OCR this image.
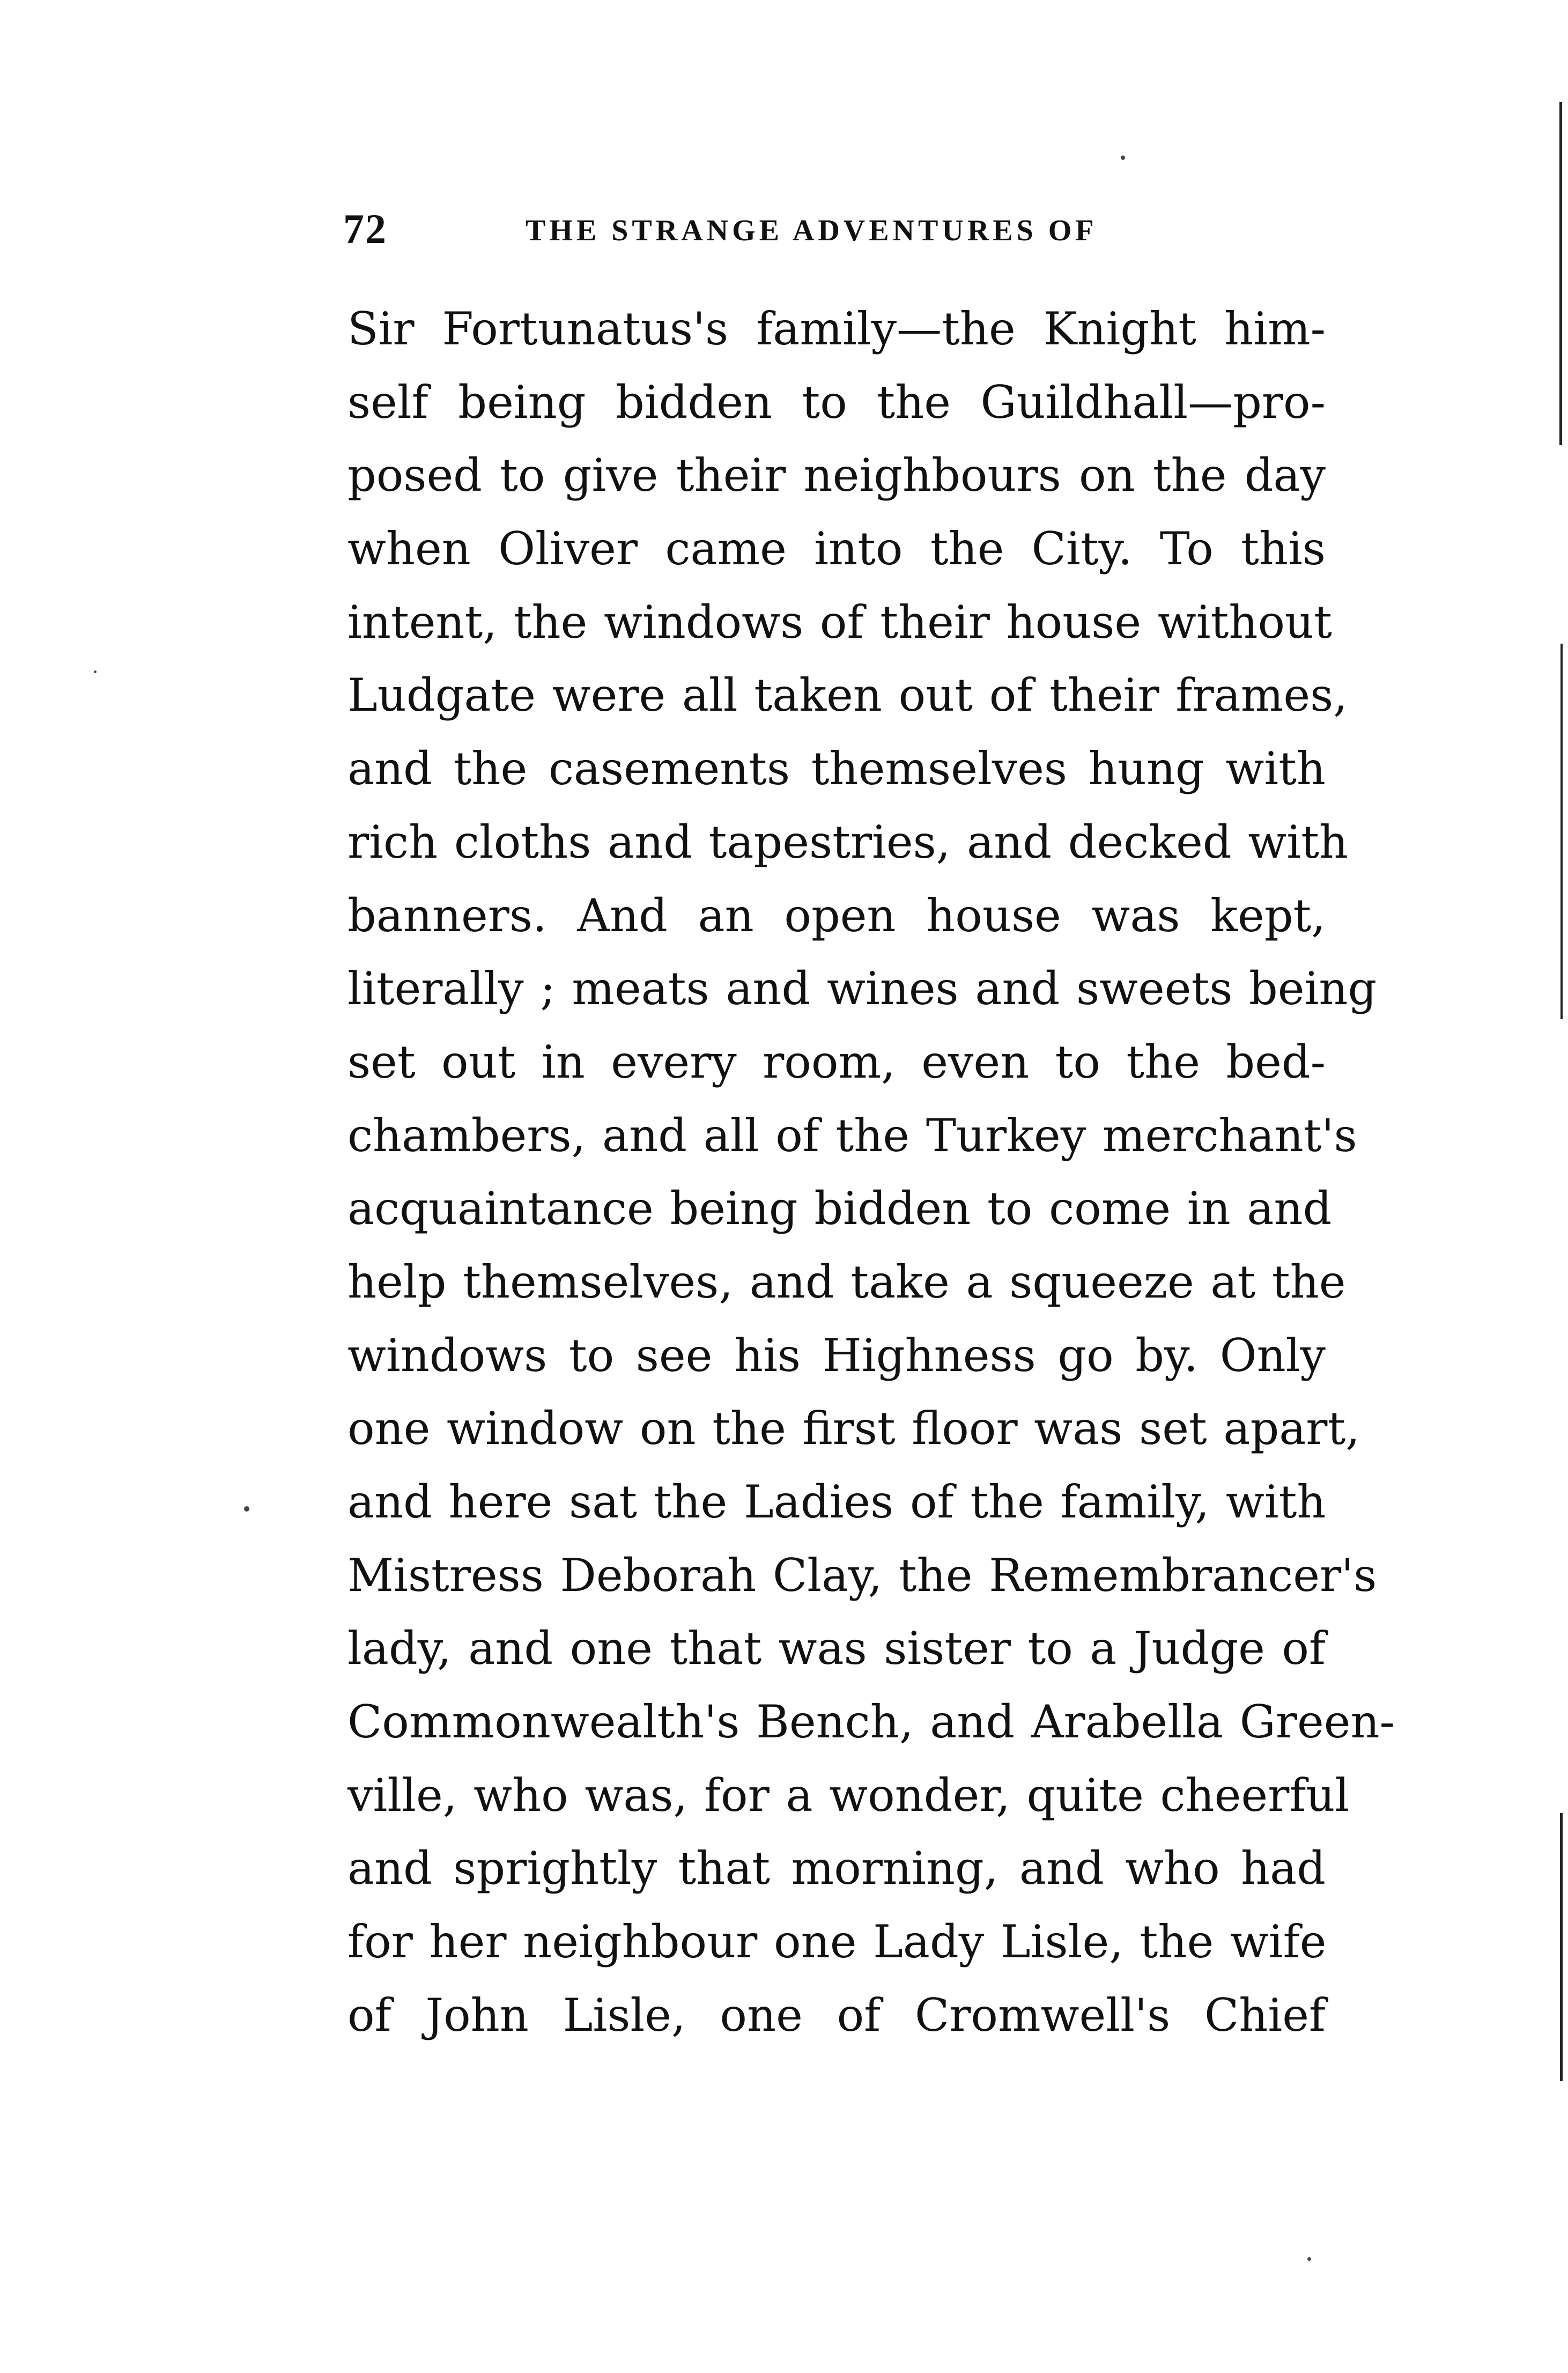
72	THE STRANGE ADVENTURES OF
Sir Fortunatus's family—the Knight him-
self being bidden to the Guildhall—pro-
posed to give their neighbours on the day
when Oliver came into the City. To this
intent, the windows of their house without
Ludgate were all taken out of their frames,
and the casements themselves hung with
rich cloths and tapestries, and decked with
banners. And an open house was kept,
literally ; meats and wines and sweets being
set out in every room, even to the bed-
chambers, and all of the Turkey merchant's
acquaintance being bidden to come in and
help themselves, and take a squeeze at the
windows to see his Highness go by. Only
one window on the first floor was set apart,
and here sat the Ladies of the family, with
Mistress Deborah Clay, the Remembrancer's
lady, and one that was sister to a Judge of
Commonwealth's Bench, and Arabella Green-
ville, who was, for a wonder, quite cheerful
and sprightly that morning, and who had
for her neighbour one Lady Lisle, the wife
of John Lisle, one of Cromwell's Chief
